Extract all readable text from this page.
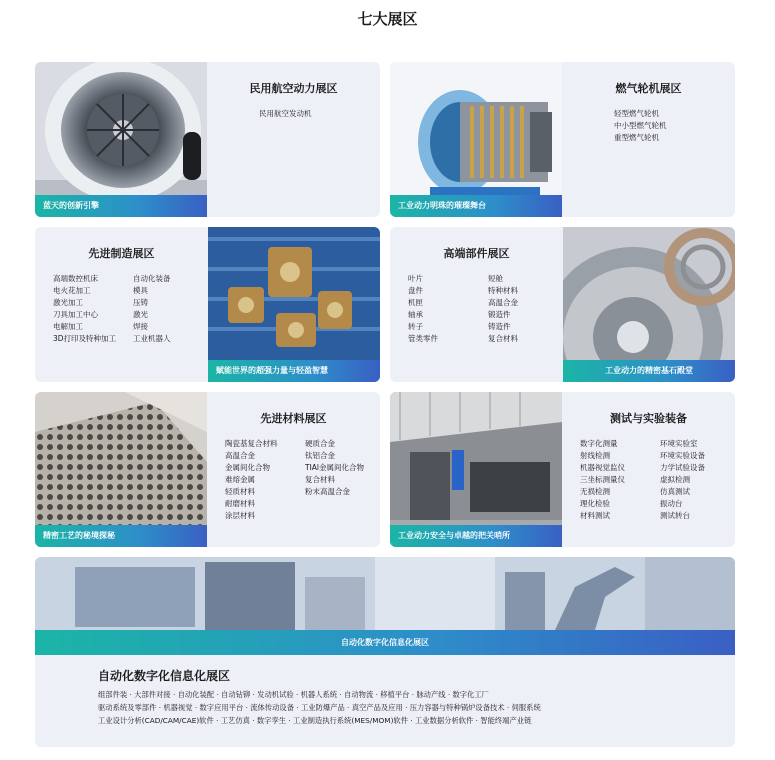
七大展区
蓝天的创新引擎
民用航空动力展区
民用航空发动机
工业动力明珠的璀璨舞台
燃气轮机展区
轻型燃气轮机
中小型燃气轮机
重型燃气轮机
先进制造展区
高端数控机床	自动化装备
电火花加工	模具
激光加工	压铸
刀具加工中心	激光
电解加工	焊接
3D打印及特种加工	工业机器人
赋能世界的超强力量与轻盈智慧
高端部件展区
叶片	短舱
盘件	特种材料
机匣	高温合金
轴承	锻造件
转子	铸造件
管类零件	复合材料
工业动力的精密基石殿堂
精密工艺的秘境探秘
先进材料展区
陶瓷基复合材料	硬质合金
高温合金	钛铝合金
金属间化合物	TIAl金属间化合物
难熔金属	复合材料
轻质材料	粉末高温合金
耐磨材料
涂层材料
工业动力安全与卓越的把关哨所
测试与实验装备
数字化测量	环境实验室
射线检测	环境实验设备
机器视觉监仪	力学试验设备
三坐标测量仪	虚拟检测
无损检测	仿真测试
理化检验	振动台
材料测试	测试转台
自动化数字化信息化展区
自动化数字化信息化展区
组部件装 · 大部件对接 · 自动化装配 · 自动钻铆 · 发动机试验 · 机器人系统 · 自动物流 · 移植平台 · 脉动产线 · 数字化工厂
驱动系统及零部件 · 机器视觉 · 数字应用平台 · 流体传动设备 · 工业防爆产品 · 真空产品及应用 · 压力容器与特种锅炉设备技术 · 伺服系统
工业设计分析(CAD/CAM/CAE)软件 · 工艺仿真 · 数字孪生 · 工业制造执行系统(MES/MOM)软件 · 工业数据分析软件 · 智能终端产业链
